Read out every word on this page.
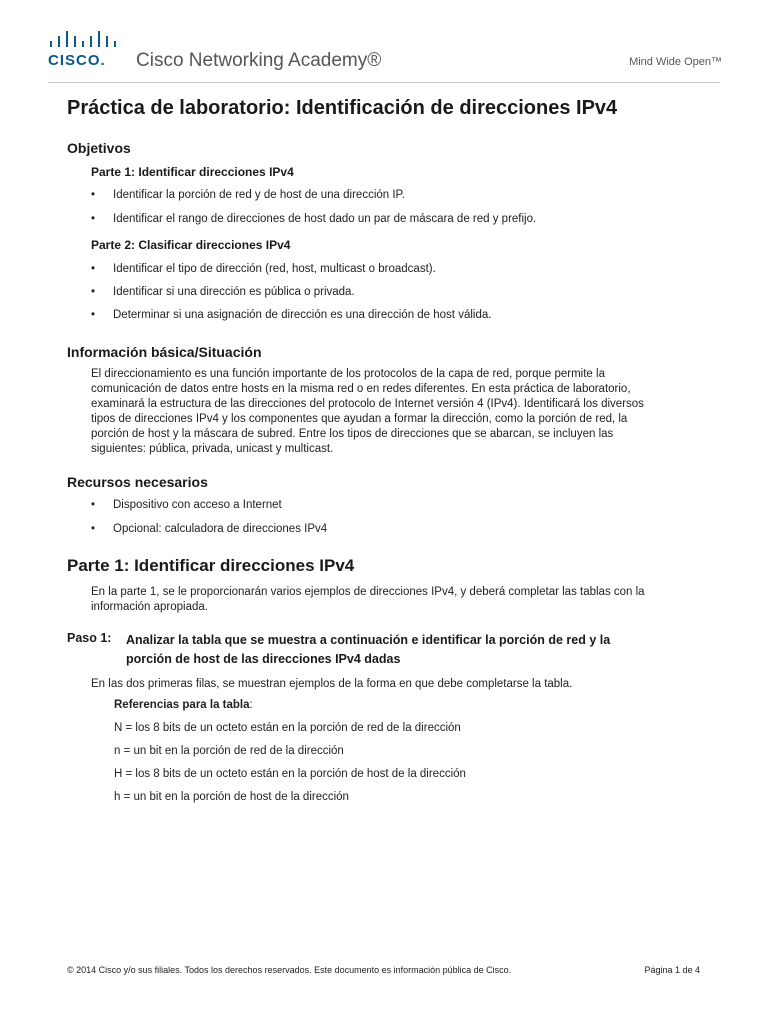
CISCO. Cisco Networking Academy®	Mind Wide Open™
Práctica de laboratorio: Identificación de direcciones IPv4
Objetivos
Parte 1: Identificar direcciones IPv4
• Identificar la porción de red y de host de una dirección IP.
• Identificar el rango de direcciones de host dado un par de máscara de red y prefijo.
Parte 2: Clasificar direcciones IPv4
• Identificar el tipo de dirección (red, host, multicast o broadcast).
• Identificar si una dirección es pública o privada.
• Determinar si una asignación de dirección es una dirección de host válida.
Información básica/Situación
El direccionamiento es una función importante de los protocolos de la capa de red, porque permite la
comunicación de datos entre hosts en la misma red o en redes diferentes. En esta práctica de laboratorio,
examinará la estructura de las direcciones del protocolo de Internet versión 4 (IPv4). Identificará los diversos
tipos de direcciones IPv4 y los componentes que ayudan a formar la dirección, como la porción de red, la
porción de host y la máscara de subred. Entre los tipos de direcciones que se abarcan, se incluyen las
siguientes: pública, privada, unicast y multicast.
Recursos necesarios
• Dispositivo con acceso a Internet
• Opcional: calculadora de direcciones IPv4
Parte 1: Identificar direcciones IPv4
En la parte 1, se le proporcionarán varios ejemplos de direcciones IPv4, y deberá completar las tablas con la
información apropiada.
Paso 1: Analizar la tabla que se muestra a continuación e identificar la porción de red y la
porción de host de las direcciones IPv4 dadas
En las dos primeras filas, se muestran ejemplos de la forma en que debe completarse la tabla.
Referencias para la tabla:
N = los 8 bits de un octeto están en la porción de red de la dirección
n = un bit en la porción de red de la dirección
H = los 8 bits de un octeto están en la porción de host de la dirección
h = un bit en la porción de host de la dirección
© 2014 Cisco y/o sus filiales. Todos los derechos reservados. Este documento es información pública de Cisco.	Página 1 de 4
